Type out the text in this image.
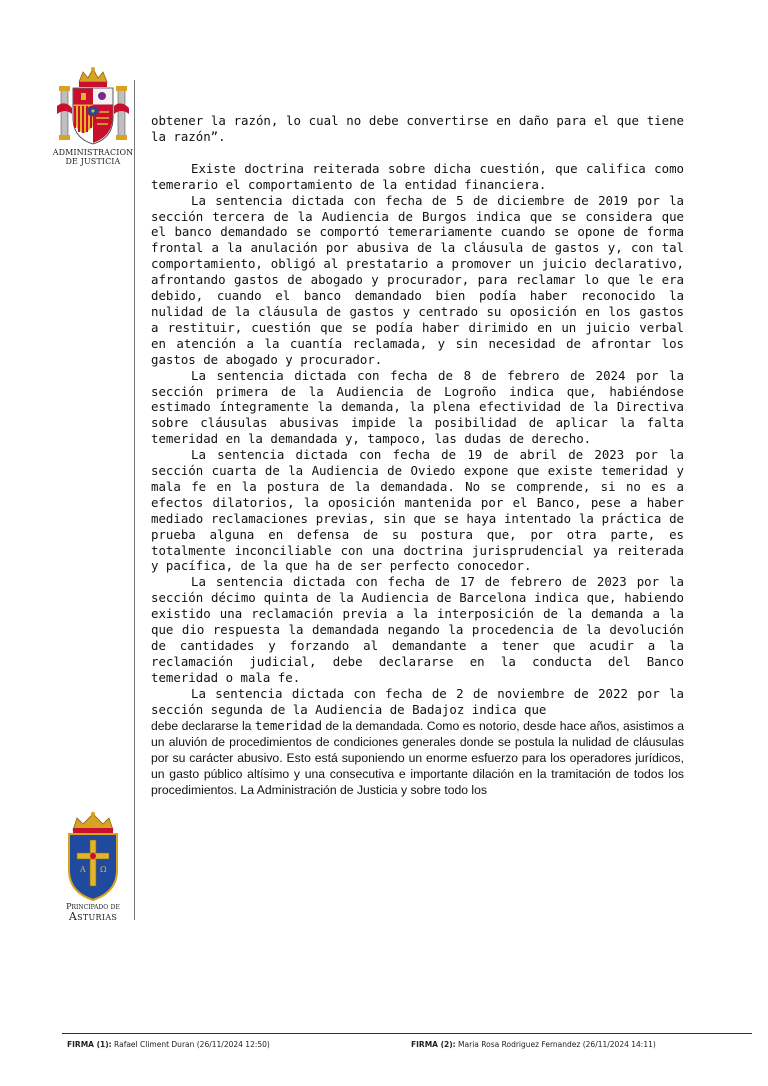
ADMINISTRACION
DE JUSTICIA

obtener la razón, lo cual no debe convertirse en daño para el que tiene la razón”.

Existe doctrina reiterada sobre dicha cuestión, que califica como temerario el comportamiento de la entidad financiera.

La sentencia dictada con fecha de 5 de diciembre de 2019 por la sección tercera de la Audiencia de Burgos indica que se considera que el banco demandado se comportó temerariamente cuando se opone de forma frontal a la anulación por abusiva de la cláusula de gastos y, con tal comportamiento, obligó al prestatario a promover un juicio declarativo, afrontando gastos de abogado y procurador, para reclamar lo que le era debido, cuando el banco demandado bien podía haber reconocido la nulidad de la cláusula de gastos y centrado su oposición en los gastos a restituir, cuestión que se podía haber dirimido en un juicio verbal en atención a la cuantía reclamada, y sin necesidad de afrontar los gastos de abogado y procurador.

La sentencia dictada con fecha de 8 de febrero de 2024 por la sección primera de la Audiencia de Logroño indica que, habiéndose estimado íntegramente la demanda, la plena efectividad de la Directiva sobre cláusulas abusivas impide la posibilidad de aplicar la falta temeridad en la demandada y, tampoco, las dudas de derecho.

La sentencia dictada con fecha de 19 de abril de 2023 por la sección cuarta de la Audiencia de Oviedo expone que existe temeridad y mala fe en la postura de la demandada. No se comprende, si no es a efectos dilatorios, la oposición mantenida por el Banco, pese a haber mediado reclamaciones previas, sin que se haya intentado la práctica de prueba alguna en defensa de su postura que, por otra parte, es totalmente inconciliable con una doctrina jurisprudencial ya reiterada y pacífica, de la que ha de ser perfecto conocedor.

La sentencia dictada con fecha de 17 de febrero de 2023 por la sección décimo quinta de la Audiencia de Barcelona indica que, habiendo existido una reclamación previa a la interposición de la demanda a la que dio respuesta la demandada negando la procedencia de la devolución de cantidades y forzando al demandante a tener que acudir a la reclamación judicial, debe declararse en la conducta del Banco temeridad o mala fe.

La sentencia dictada con fecha de 2 de noviembre de 2022 por la sección segunda de la Audiencia de Badajoz indica que

debe declararse la temeridad de la demandada. Como es notorio, desde hace años, asistimos a un aluvión de procedimientos de condiciones generales donde se postula la nulidad de cláusulas por su carácter abusivo. Esto está suponiendo un enorme esfuerzo para los operadores jurídicos, un gasto público altísimo y una consecutiva e importante dilación en la tramitación de todos los procedimientos. La Administración de Justicia y sobre todo los

A Ω
Principado de
Asturias
FIRMA (1): Rafael Climent Duran (26/11/2024 12:50)	FIRMA (2): Maria Rosa Rodriguez Fernandez (26/11/2024 14:11)
